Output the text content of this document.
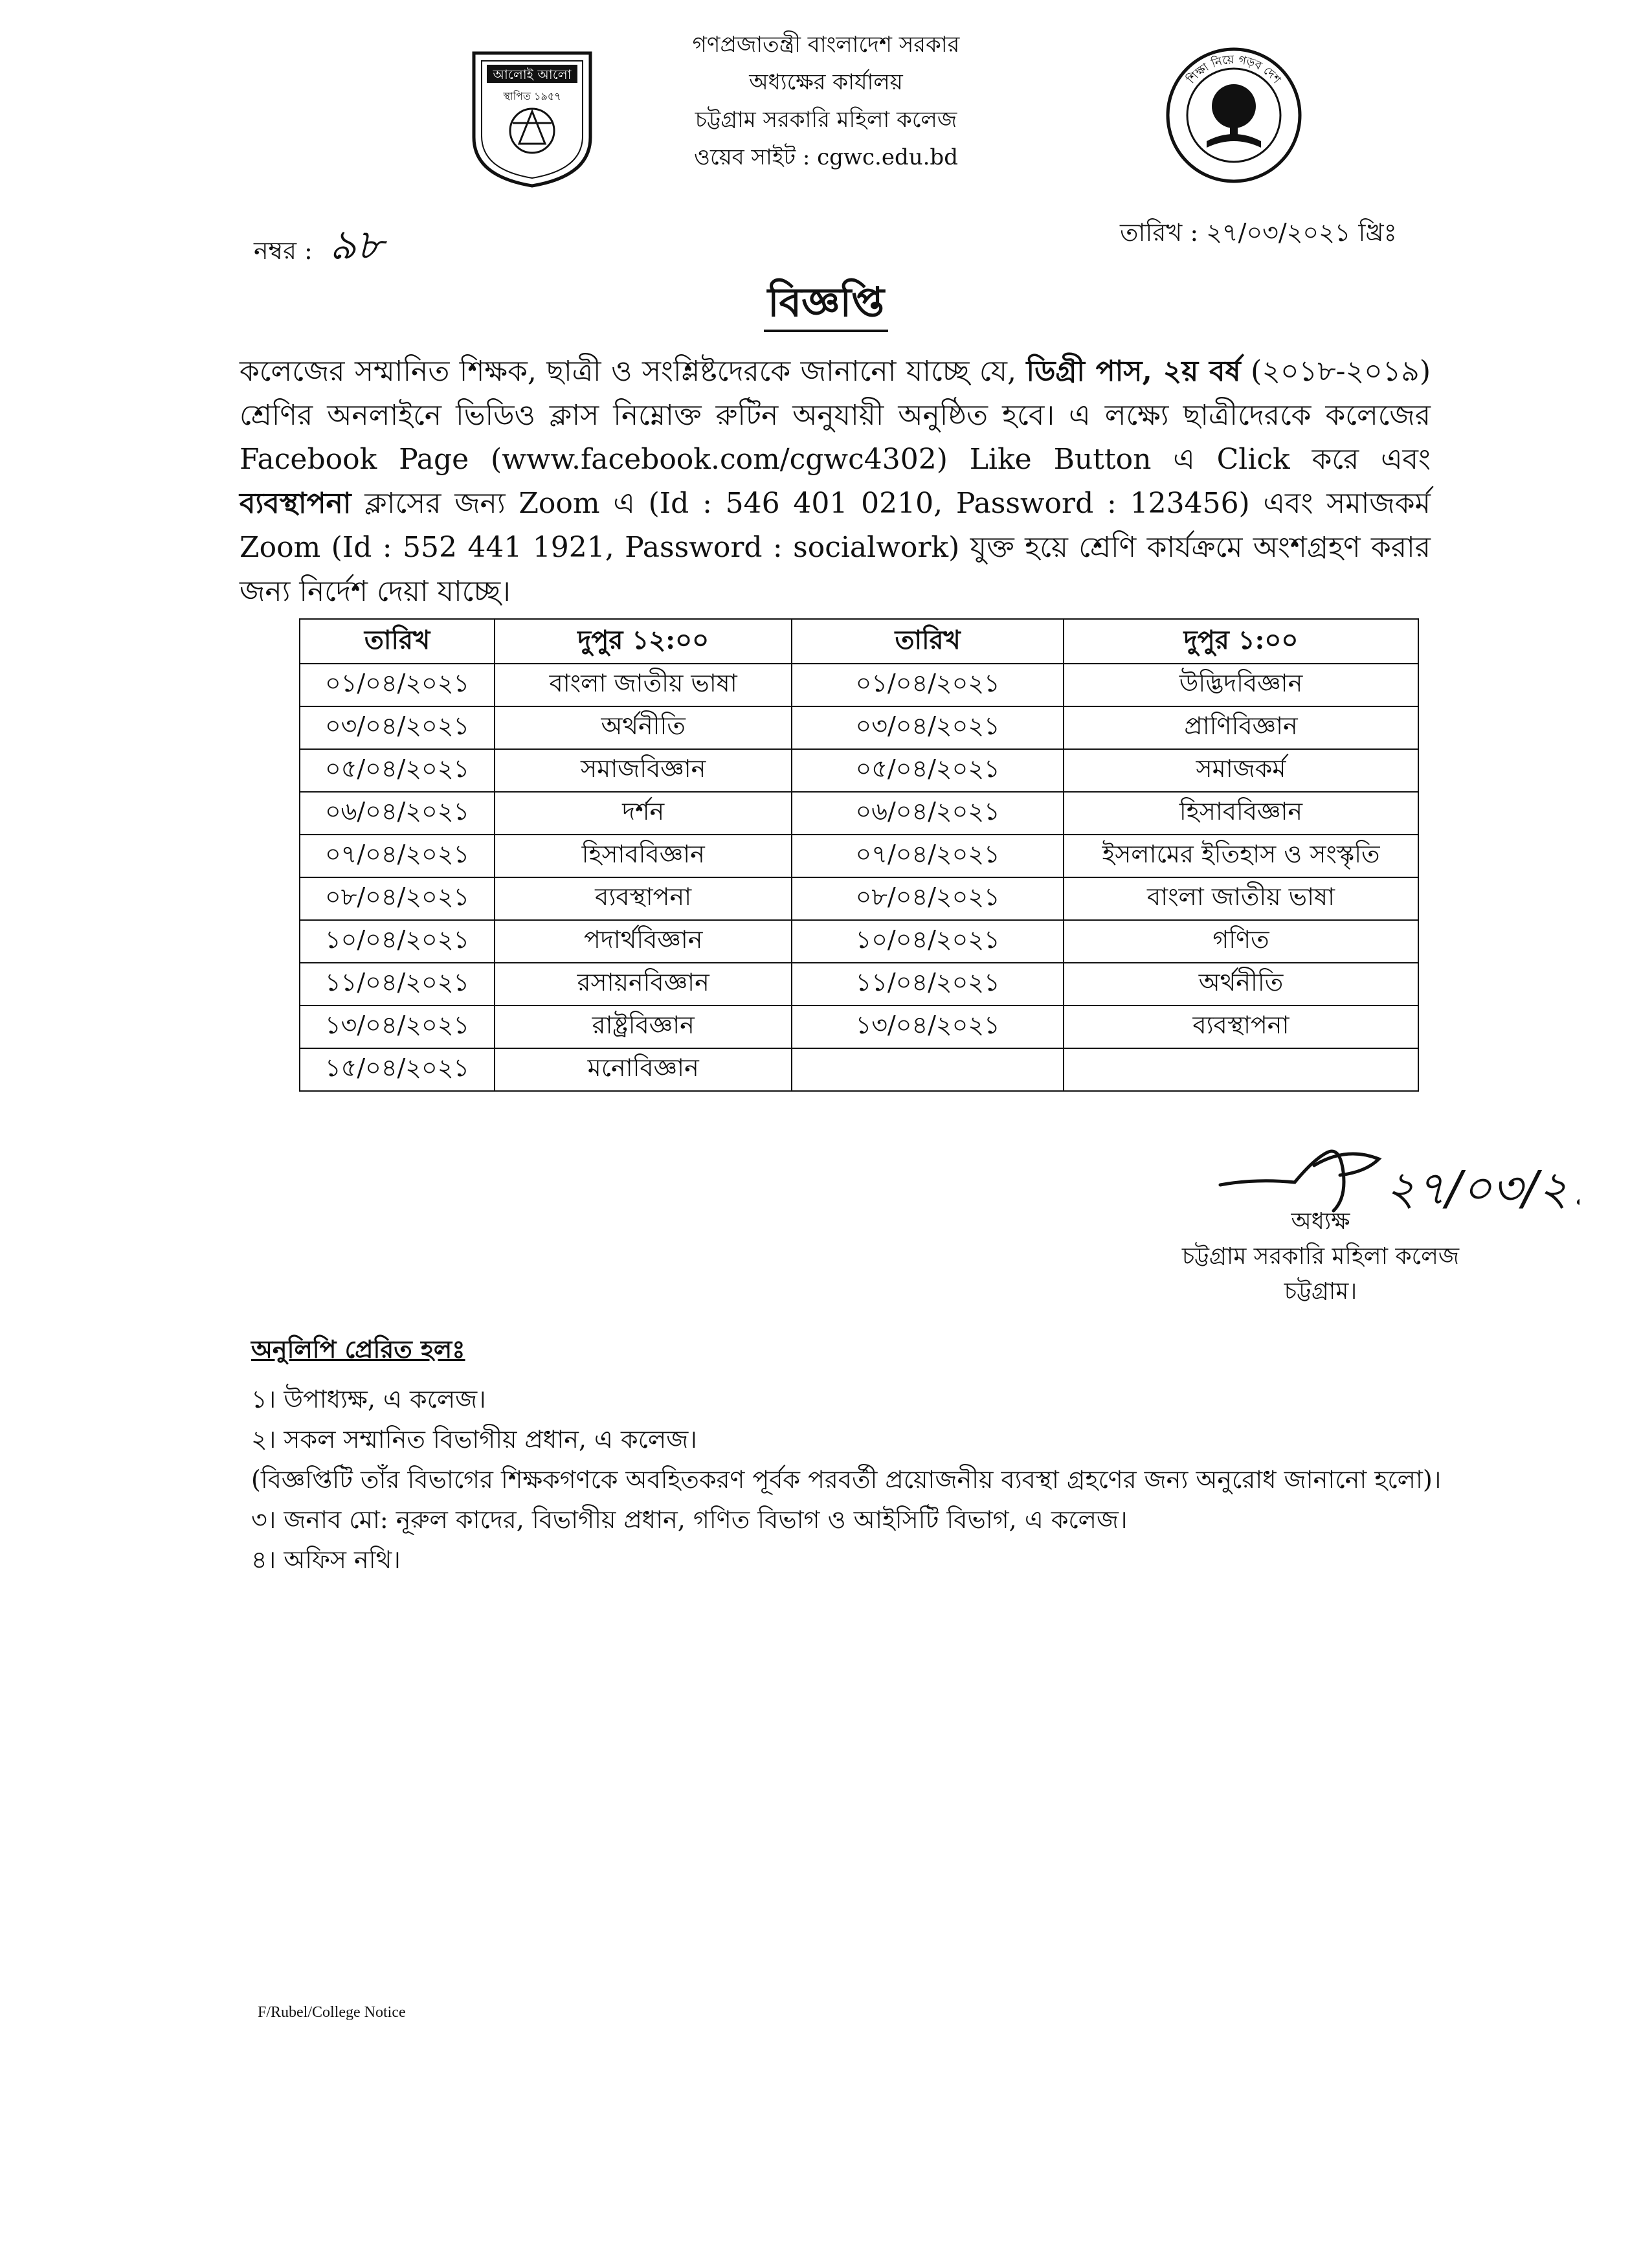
গণপ্রজাতন্ত্রী বাংলাদেশ সরকার
অধ্যক্ষের কার্যালয়
চট্টগ্রাম সরকারি মহিলা কলেজ
ওয়েব সাইট : cgwc.edu.bd
আলোই আলো
স্থাপিত ১৯৫৭
শিক্ষা নিয়ে গড়ব দেশ
নম্বর : ৯৮	তারিখ : ২৭/০৩/২০২১ খ্রিঃ
বিজ্ঞপ্তি
কলেজের সম্মানিত শিক্ষক, ছাত্রী ও সংশ্লিষ্টদেরকে জানানো যাচ্ছে যে, ডিগ্রী পাস, ২য় বর্ষ (২০১৮-২০১৯) শ্রেণির অনলাইনে ভিডিও ক্লাস নিম্নোক্ত রুটিন অনুযায়ী অনুষ্ঠিত হবে। এ লক্ষ্যে ছাত্রীদেরকে কলেজের Facebook Page (www.facebook.com/cgwc4302) Like Button এ Click করে এবং ব্যবস্থাপনা ক্লাসের জন্য Zoom এ (Id : 546 401 0210, Password : 123456) এবং সমাজকর্ম Zoom (Id : 552 441 1921, Password : socialwork) যুক্ত হয়ে শ্রেণি কার্যক্রমে অংশগ্রহণ করার জন্য নির্দেশ দেয়া যাচ্ছে।
তারিখ	দুপুর ১২:০০	তারিখ	দুপুর ১:০০
০১/০৪/২০২১	বাংলা জাতীয় ভাষা	০১/০৪/২০২১	উদ্ভিদবিজ্ঞান
০৩/০৪/২০২১	অর্থনীতি	০৩/০৪/২০২১	প্রাণিবিজ্ঞান
০৫/০৪/২০২১	সমাজবিজ্ঞান	০৫/০৪/২০২১	সমাজকর্ম
০৬/০৪/২০২১	দর্শন	০৬/০৪/২০২১	হিসাববিজ্ঞান
০৭/০৪/২০২১	হিসাববিজ্ঞান	০৭/০৪/২০২১	ইসলামের ইতিহাস ও সংস্কৃতি
০৮/০৪/২০২১	ব্যবস্থাপনা	০৮/০৪/২০২১	বাংলা জাতীয় ভাষা
১০/০৪/২০২১	পদার্থবিজ্ঞান	১০/০৪/২০২১	গণিত
১১/০৪/২০২১	রসায়নবিজ্ঞান	১১/০৪/২০২১	অর্থনীতি
১৩/০৪/২০২১	রাষ্ট্রবিজ্ঞান	১৩/০৪/২০২১	ব্যবস্থাপনা
১৫/০৪/২০২১	মনোবিজ্ঞান		
২৭/০৩/২১
অধ্যক্ষ
চট্টগ্রাম সরকারি মহিলা কলেজ
চট্টগ্রাম।
অনুলিপি প্রেরিত হলঃ
১। উপাধ্যক্ষ, এ কলেজ।
২। সকল সম্মানিত বিভাগীয় প্রধান, এ কলেজ।
(বিজ্ঞপ্তিটি তাঁর বিভাগের শিক্ষকগণকে অবহিতকরণ পূর্বক পরবর্তী প্রয়োজনীয় ব্যবস্থা গ্রহণের জন্য অনুরোধ জানানো হলো)।
৩। জনাব মো: নূরুল কাদের, বিভাগীয় প্রধান, গণিত বিভাগ ও আইসিটি বিভাগ, এ কলেজ।
৪। অফিস নথি।
F/Rubel/College Notice
